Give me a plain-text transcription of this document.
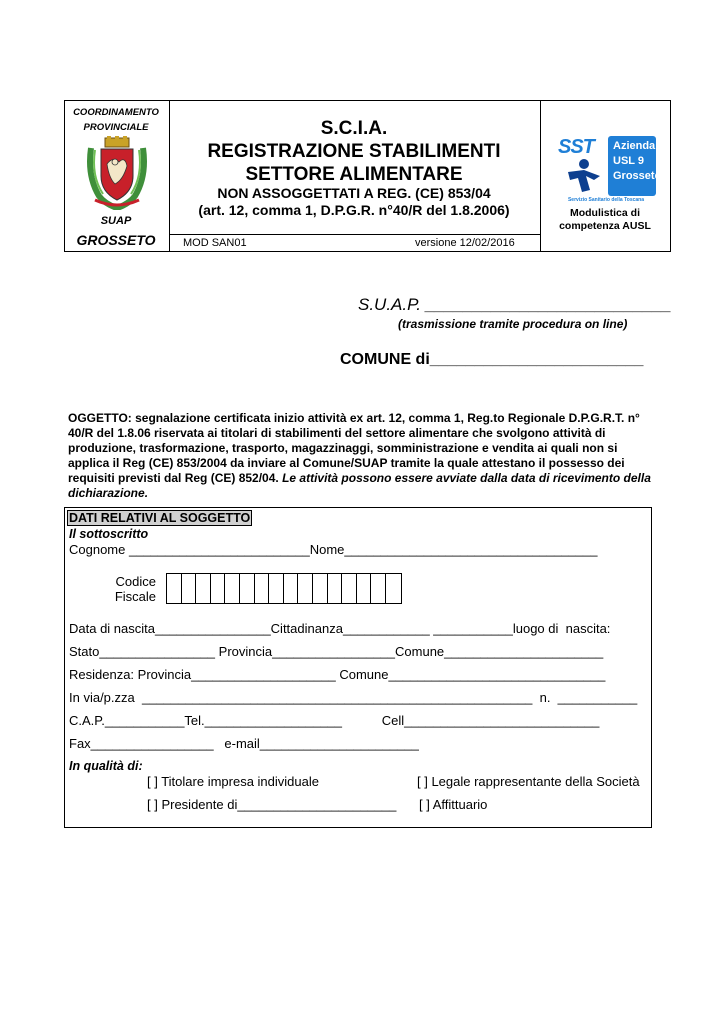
COORDINAMENTO
PROVINCIALE
SUAP
GROSSETO
S.C.I.A.
REGISTRAZIONE STABILIMENTI
SETTORE ALIMENTARE
NON ASSOGGETTATI A REG. (CE) 853/04
(art. 12, comma 1, D.P.G.R. n°40/R del 1.8.2006)
MOD SAN01	versione 12/02/2016
SST Azienda
USL 9
Grosseto
Servizio Sanitario della Toscana
Modulistica di
competenza AUSL
S.U.A.P. __________________________
(trasmissione tramite procedura on line)
COMUNE di________________________
OGGETTO: segnalazione certificata inizio attività ex art. 12, comma 1, Reg.to Regionale D.P.G.R.T. n° 40/R del 1.8.06 riservata ai titolari di stabilimenti del settore alimentare che svolgono attività di produzione, trasformazione, trasporto, magazzinaggi, somministrazione e vendita ai quali non si applica il Reg (CE) 853/2004 da inviare al Comune/SUAP tramite la quale attestano il possesso dei requisiti previsti dal Reg (CE) 852/04. Le attività possono essere avviate dalla data di ricevimento della dichiarazione.
DATI RELATIVI AL SOGGETTO
Il sottoscritto
Cognome _________________________Nome___________________________________
Codice
Fiscale
Data di nascita________________Cittadinanza____________ ___________luogo di  nascita:
Stato________________ Provincia_________________Comune______________________
Residenza: Provincia____________________ Comune______________________________
In via/p.zza  ______________________________________________________  n.  ___________
C.A.P.___________Tel.___________________           Cell___________________________
Fax_________________   e-mail______________________
In qualità di:
[ ] Titolare impresa individuale	[ ] Legale rappresentante della Società
[ ] Presidente di______________________ [ ] Affittuario
